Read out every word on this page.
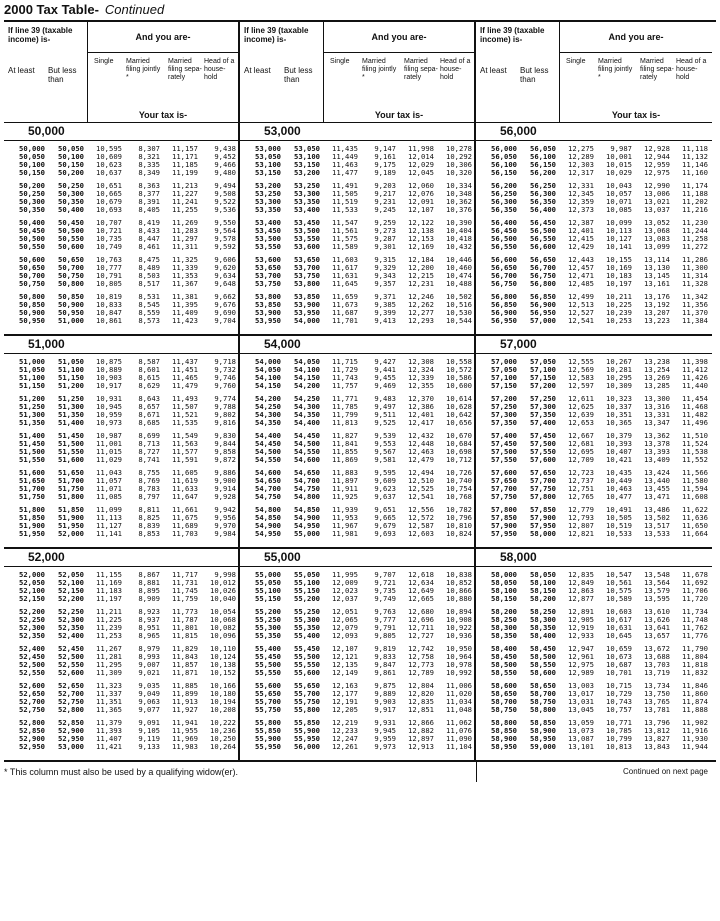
2000 Tax Table- Continued
If line 39 (taxable income) is-
At least But less than
And you are-
Single	Married filing jointly *
Married filing sepa-rately
Head of a house-hold
Your tax is-
50,000
50,000	50,050	10,595	8,307	11,157	9,438
50,050	50,100	10,609	8,321	11,171	9,452
50,100	50,150	10,623	8,335	11,185	9,466
50,150	50,200	10,637	8,349	11,199	9,480
50,200	50,250	10,651	8,363	11,213	9,494
50,250	50,300	10,665	8,377	11,227	9,508
50,300	50,350	10,679	8,391	11,241	9,522
50,350	50,400	10,693	8,405	11,255	9,536
50,400	50,450	10,707	8,419	11,269	9,550
50,450	50,500	10,721	8,433	11,283	9,564
50,500	50,550	10,735	8,447	11,297	9,578
50,550	50,600	10,749	8,461	11,311	9,592
50,600	50,650	10,763	8,475	11,325	9,606
50,650	50,700	10,777	8,489	11,339	9,620
50,700	50,750	10,791	8,503	11,353	9,634
50,750	50,800	10,805	8,517	11,367	9,648
50,800	50,850	10,819	8,531	11,381	9,662
50,850	50,900	10,833	8,545	11,395	9,676
50,900	50,950	10,847	8,559	11,409	9,690
50,950	51,000	10,861	8,573	11,423	9,704
51,000
51,000	51,050	10,875	8,587	11,437	9,718
51,050	51,100	10,889	8,601	11,451	9,732
51,100	51,150	10,903	8,615	11,465	9,746
51,150	51,200	10,917	8,629	11,479	9,760
51,200	51,250	10,931	8,643	11,493	9,774
51,250	51,300	10,945	8,657	11,507	9,788
51,300	51,350	10,959	8,671	11,521	9,802
51,350	51,400	10,973	8,685	11,535	9,816
51,400	51,450	10,987	8,699	11,549	9,830
51,450	51,500	11,001	8,713	11,563	9,844
51,500	51,550	11,015	8,727	11,577	9,858
51,550	51,600	11,029	8,741	11,591	9,872
51,600	51,650	11,043	8,755	11,605	9,886
51,650	51,700	11,057	8,769	11,619	9,900
51,700	51,750	11,071	8,783	11,633	9,914
51,750	51,800	11,085	8,797	11,647	9,928
51,800	51,850	11,099	8,811	11,661	9,942
51,850	51,900	11,113	8,825	11,675	9,956
51,900	51,950	11,127	8,839	11,689	9,970
51,950	52,000	11,141	8,853	11,703	9,984
52,000
52,000	52,050	11,155	8,867	11,717	9,998
52,050	52,100	11,169	8,881	11,731	10,012
52,100	52,150	11,183	8,895	11,745	10,026
52,150	52,200	11,197	8,909	11,759	10,040
52,200	52,250	11,211	8,923	11,773	10,054
52,250	52,300	11,225	8,937	11,787	10,068
52,300	52,350	11,239	8,951	11,801	10,082
52,350	52,400	11,253	8,965	11,815	10,096
52,400	52,450	11,267	8,979	11,829	10,110
52,450	52,500	11,281	8,993	11,843	10,124
52,500	52,550	11,295	9,007	11,857	10,138
52,550	52,600	11,309	9,021	11,871	10,152
52,600	52,650	11,323	9,035	11,885	10,166
52,650	52,700	11,337	9,049	11,899	10,180
52,700	52,750	11,351	9,063	11,913	10,194
52,750	52,800	11,365	9,077	11,927	10,208
52,800	52,850	11,379	9,091	11,941	10,222
52,850	52,900	11,393	9,105	11,955	10,236
52,900	52,950	11,407	9,119	11,969	10,250
52,950	53,000	11,421	9,133	11,983	10,264
If line 39 (taxable income) is-
At least But less than
And you are-
Single	Married filing jointly *
Married filing sepa-rately
Head of a house-hold
Your tax is-
53,000
53,000	53,050	11,435	9,147	11,998	10,278
53,050	53,100	11,449	9,161	12,014	10,292
53,100	53,150	11,463	9,175	12,029	10,306
53,150	53,200	11,477	9,189	12,045	10,320
53,200	53,250	11,491	9,203	12,060	10,334
53,250	53,300	11,505	9,217	12,076	10,348
53,300	53,350	11,519	9,231	12,091	10,362
53,350	53,400	11,533	9,245	12,107	10,376
53,400	53,450	11,547	9,259	12,122	10,390
53,450	53,500	11,561	9,273	12,138	10,404
53,500	53,550	11,575	9,287	12,153	10,418
53,550	53,600	11,589	9,301	12,169	10,432
53,600	53,650	11,603	9,315	12,184	10,446
53,650	53,700	11,617	9,329	12,200	10,460
53,700	53,750	11,631	9,343	12,215	10,474
53,750	53,800	11,645	9,357	12,231	10,488
53,800	53,850	11,659	9,371	12,246	10,502
53,850	53,900	11,673	9,385	12,262	10,516
53,900	53,950	11,687	9,399	12,277	10,530
53,950	54,000	11,701	9,413	12,293	10,544
54,000
54,000	54,050	11,715	9,427	12,308	10,558
54,050	54,100	11,729	9,441	12,324	10,572
54,100	54,150	11,743	9,455	12,339	10,586
54,150	54,200	11,757	9,469	12,355	10,600
54,200	54,250	11,771	9,483	12,370	10,614
54,250	54,300	11,785	9,497	12,386	10,628
54,300	54,350	11,799	9,511	12,401	10,642
54,350	54,400	11,813	9,525	12,417	10,656
54,400	54,450	11,827	9,539	12,432	10,670
54,450	54,500	11,841	9,553	12,448	10,684
54,500	54,550	11,855	9,567	12,463	10,698
54,550	54,600	11,869	9,581	12,479	10,712
54,600	54,650	11,883	9,595	12,494	10,726
54,650	54,700	11,897	9,609	12,510	10,740
54,700	54,750	11,911	9,623	12,525	10,754
54,750	54,800	11,925	9,637	12,541	10,768
54,800	54,850	11,939	9,651	12,556	10,782
54,850	54,900	11,953	9,665	12,572	10,796
54,900	54,950	11,967	9,679	12,587	10,810
54,950	55,000	11,981	9,693	12,603	10,824
55,000
55,000	55,050	11,995	9,707	12,618	10,838
55,050	55,100	12,009	9,721	12,634	10,852
55,100	55,150	12,023	9,735	12,649	10,866
55,150	55,200	12,037	9,749	12,665	10,880
55,200	55,250	12,051	9,763	12,680	10,894
55,250	55,300	12,065	9,777	12,696	10,908
55,300	55,350	12,079	9,791	12,711	10,922
55,350	55,400	12,093	9,805	12,727	10,936
55,400	55,450	12,107	9,819	12,742	10,950
55,450	55,500	12,121	9,833	12,758	10,964
55,500	55,550	12,135	9,847	12,773	10,978
55,550	55,600	12,149	9,861	12,789	10,992
55,600	55,650	12,163	9,875	12,804	11,006
55,650	55,700	12,177	9,889	12,820	11,020
55,700	55,750	12,191	9,903	12,835	11,034
55,750	55,800	12,205	9,917	12,851	11,048
55,800	55,850	12,219	9,931	12,866	11,062
55,850	55,900	12,233	9,945	12,882	11,076
55,900	55,950	12,247	9,959	12,897	11,090
55,950	56,000	12,261	9,973	12,913	11,104
If line 39 (taxable income) is-
At least But less than
And you are-
Single	Married filing jointly *
Married filing sepa-rately
Head of a house-hold
Your tax is-
56,000
56,000	56,050	12,275	9,987	12,928	11,118
56,050	56,100	12,289	10,001	12,944	11,132
56,100	56,150	12,303	10,015	12,959	11,146
56,150	56,200	12,317	10,029	12,975	11,160
56,200	56,250	12,331	10,043	12,990	11,174
56,250	56,300	12,345	10,057	13,006	11,188
56,300	56,350	12,359	10,071	13,021	11,202
56,350	56,400	12,373	10,085	13,037	11,216
56,400	56,450	12,387	10,099	13,052	11,230
56,450	56,500	12,401	10,113	13,068	11,244
56,500	56,550	12,415	10,127	13,083	11,258
56,550	56,600	12,429	10,141	13,099	11,272
56,600	56,650	12,443	10,155	13,114	11,286
56,650	56,700	12,457	10,169	13,130	11,300
56,700	56,750	12,471	10,183	13,145	11,314
56,750	56,800	12,485	10,197	13,161	11,328
56,800	56,850	12,499	10,211	13,176	11,342
56,850	56,900	12,513	10,225	13,192	11,356
56,900	56,950	12,527	10,239	13,207	11,370
56,950	57,000	12,541	10,253	13,223	11,384
57,000
57,000	57,050	12,555	10,267	13,238	11,398
57,050	57,100	12,569	10,281	13,254	11,412
57,100	57,150	12,583	10,295	13,269	11,426
57,150	57,200	12,597	10,309	13,285	11,440
57,200	57,250	12,611	10,323	13,300	11,454
57,250	57,300	12,625	10,337	13,316	11,468
57,300	57,350	12,639	10,351	13,331	11,482
57,350	57,400	12,653	10,365	13,347	11,496
57,400	57,450	12,667	10,379	13,362	11,510
57,450	57,500	12,681	10,393	13,378	11,524
57,500	57,550	12,695	10,407	13,393	11,538
57,550	57,600	12,709	10,421	13,409	11,552
57,600	57,650	12,723	10,435	13,424	11,566
57,650	57,700	12,737	10,449	13,440	11,580
57,700	57,750	12,751	10,463	13,455	11,594
57,750	57,800	12,765	10,477	13,471	11,608
57,800	57,850	12,779	10,491	13,486	11,622
57,850	57,900	12,793	10,505	13,502	11,636
57,900	57,950	12,807	10,519	13,517	11,650
57,950	58,000	12,821	10,533	13,533	11,664
58,000
58,000	58,050	12,835	10,547	13,548	11,678
58,050	58,100	12,849	10,561	13,564	11,692
58,100	58,150	12,863	10,575	13,579	11,706
58,150	58,200	12,877	10,589	13,595	11,720
58,200	58,250	12,891	10,603	13,610	11,734
58,250	58,300	12,905	10,617	13,626	11,748
58,300	58,350	12,919	10,631	13,641	11,762
58,350	58,400	12,933	10,645	13,657	11,776
58,400	58,450	12,947	10,659	13,672	11,790
58,450	58,500	12,961	10,673	13,688	11,804
58,500	58,550	12,975	10,687	13,703	11,818
58,550	58,600	12,989	10,701	13,719	11,832
58,600	58,650	13,003	10,715	13,734	11,846
58,650	58,700	13,017	10,729	13,750	11,860
58,700	58,750	13,031	10,743	13,765	11,874
58,750	58,800	13,045	10,757	13,781	11,888
58,800	58,850	13,059	10,771	13,796	11,902
58,850	58,900	13,073	10,785	13,812	11,916
58,900	58,950	13,087	10,799	13,827	11,930
58,950	59,000	13,101	10,813	13,843	11,944
* This column must also be used by a qualifying widow(er).	Continued on next page
